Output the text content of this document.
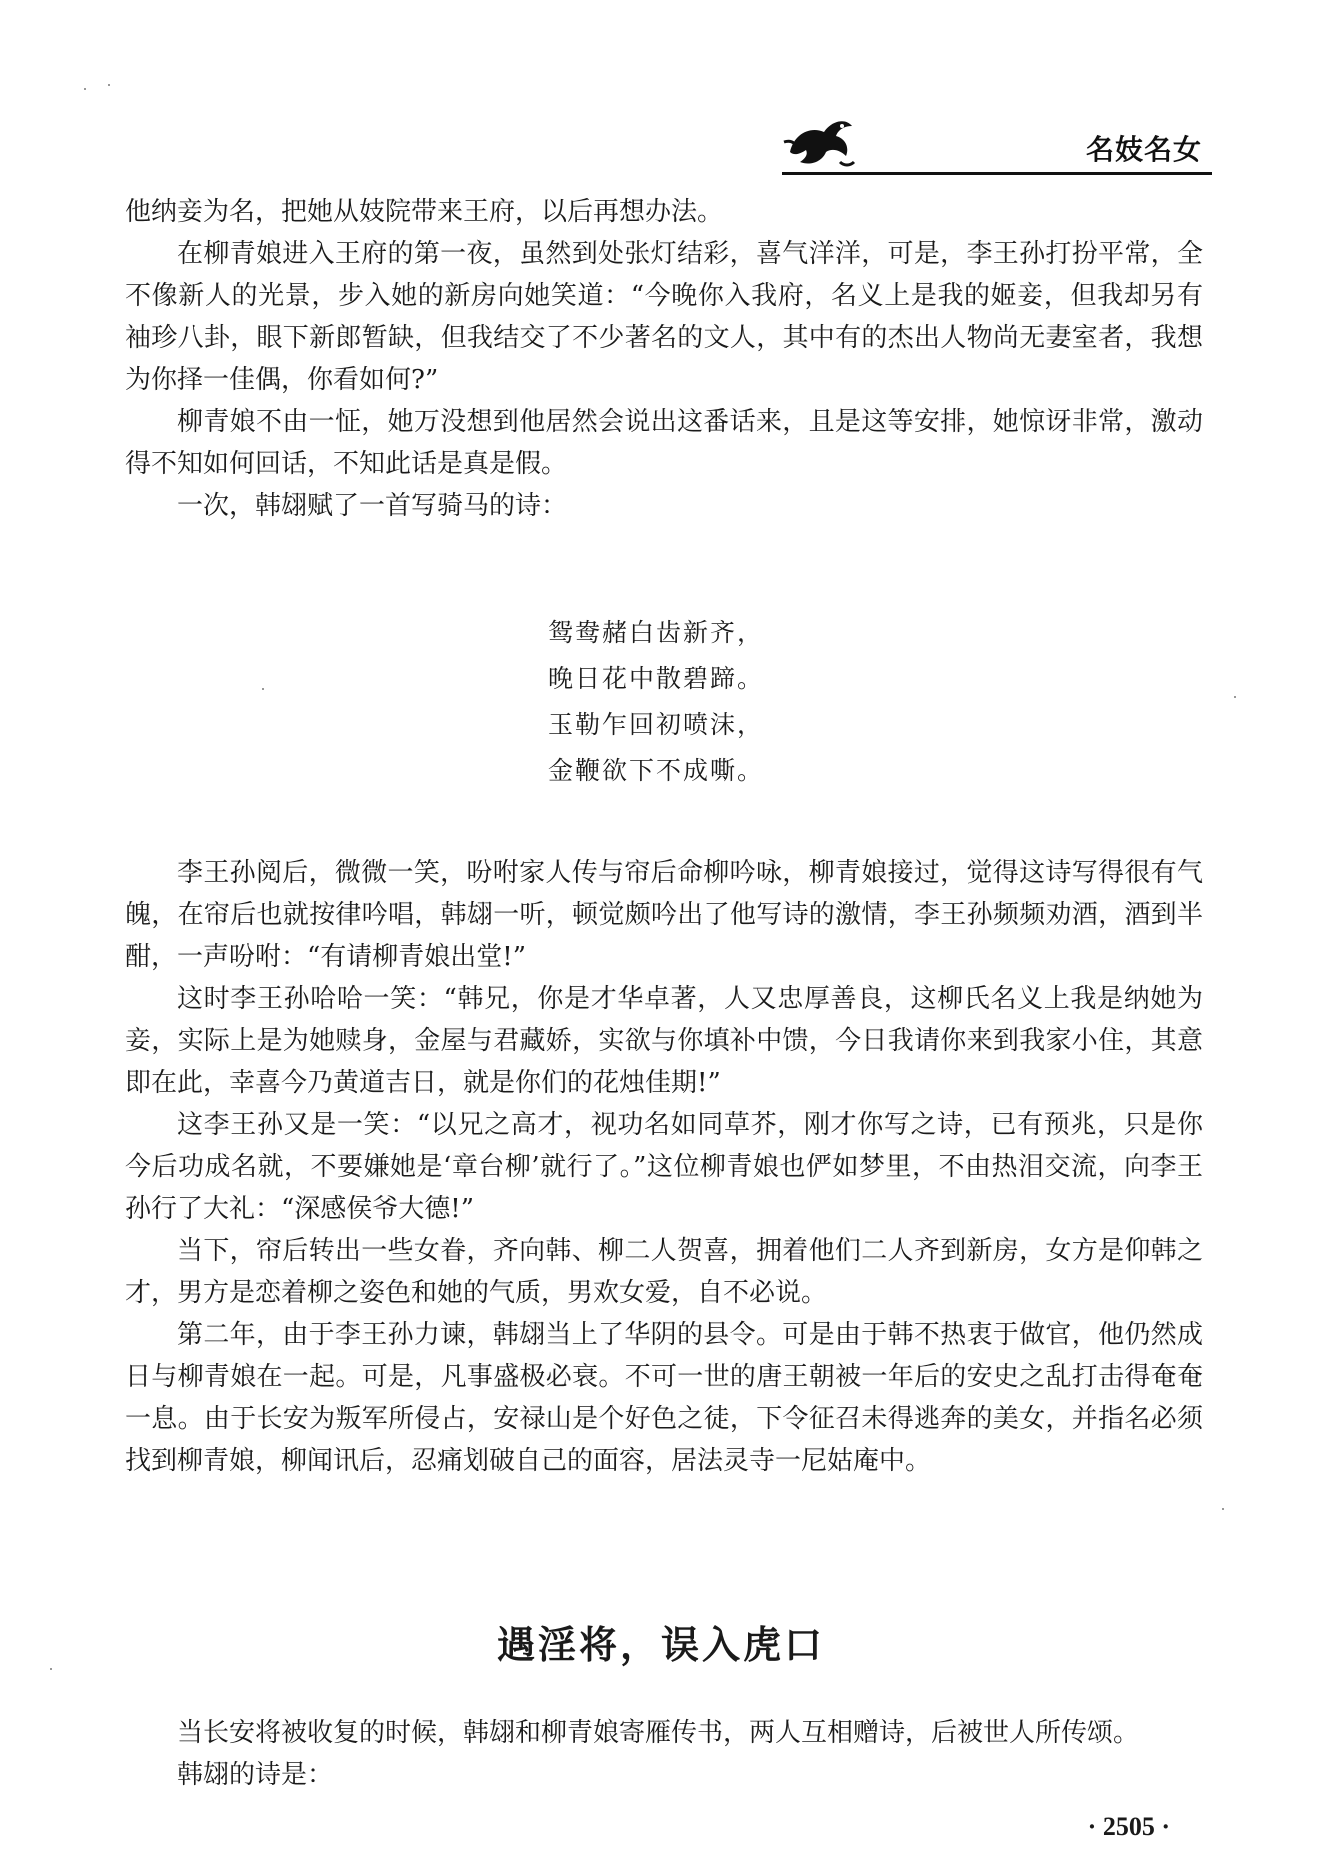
名妓名女

他纳妾为名，把她从妓院带来王府，以后再想办法。

在柳青娘进入王府的第一夜，虽然到处张灯结彩，喜气洋洋，可是，李王孙打扮平常，全不像新人的光景，步入她的新房向她笑道：“今晚你入我府，名义上是我的姬妾，但我却另有袖珍八卦，眼下新郎暂缺，但我结交了不少著名的文人，其中有的杰出人物尚无妻室者，我想为你择一佳偶，你看如何?”

柳青娘不由一怔，她万没想到他居然会说出这番话来，且是这等安排，她惊讶非常，激动得不知如何回话，不知此话是真是假。

一次，韩翃赋了一首写骑马的诗：

鸳鸯赭白齿新齐，
晚日花中散碧蹄。
玉勒乍回初喷沫，
金鞭欲下不成嘶。

李王孙阅后，微微一笑，吩咐家人传与帘后命柳吟咏，柳青娘接过，觉得这诗写得很有气魄，在帘后也就按律吟唱，韩翃一听，顿觉颇吟出了他写诗的激情，李王孙频频劝酒，酒到半酣，一声吩咐：“有请柳青娘出堂!”

这时李王孙哈哈一笑：“韩兄，你是才华卓著，人又忠厚善良，这柳氏名义上我是纳她为妾，实际上是为她赎身，金屋与君藏娇，实欲与你填补中馈，今日我请你来到我家小住，其意即在此，幸喜今乃黄道吉日，就是你们的花烛佳期!”

这李王孙又是一笑：“以兄之高才，视功名如同草芥，刚才你写之诗，已有预兆，只是你今后功成名就，不要嫌她是‘章台柳’就行了。”这位柳青娘也俨如梦里，不由热泪交流，向李王孙行了大礼：“深感侯爷大德!”

当下，帘后转出一些女眷，齐向韩、柳二人贺喜，拥着他们二人齐到新房，女方是仰韩之才，男方是恋着柳之姿色和她的气质，男欢女爱，自不必说。

第二年，由于李王孙力谏，韩翃当上了华阴的县令。可是由于韩不热衷于做官，他仍然成日与柳青娘在一起。可是，凡事盛极必衰。不可一世的唐王朝被一年后的安史之乱打击得奄奄一息。由于长安为叛军所侵占，安禄山是个好色之徒，下令征召未得逃奔的美女，并指名必须找到柳青娘，柳闻讯后，忍痛划破自己的面容，居法灵寺一尼姑庵中。

遇淫将，误入虎口

当长安将被收复的时候，韩翃和柳青娘寄雁传书，两人互相赠诗，后被世人所传颂。

韩翃的诗是：

· 2505 ·
